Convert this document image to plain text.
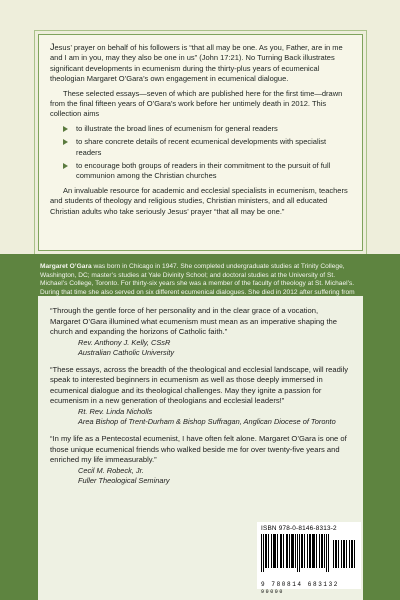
Jesus’ prayer on behalf of his followers is “that all may be one. As you, Father, are in me and I am in you, may they also be one in us” (John 17:21). No Turning Back illustrates significant developments in ecumenism during the thirty-plus years of ecumenical theologian Margaret O’Gara’s own engagement in ecumenical dialogue.

These selected essays—seven of which are published here for the first time—drawn from the final fifteen years of O’Gara’s work before her untimely death in 2012. This collection aims

to illustrate the broad lines of ecumenism for general readers
to share concrete details of recent ecumenical developments with specialist readers
to encourage both groups of readers in their commitment to the pursuit of full communion among the Christian churches

An invaluable resource for academic and ecclesial specialists in ecumenism, teachers and students of theology and religious studies, Christian ministers, and all educated Christian adults who take seriously Jesus’ prayer “that all may be one.”

Margaret O’Gara was born in Chicago in 1947. She completed undergraduate studies at Trinity College, Washington, DC; master’s studies at Yale Divinity School; and doctoral studies at the University of St. Michael’s College, Toronto. For thirty-six years she was a member of the faculty of theology at St. Michael’s. During that time she also served on six different ecumenical dialogues. She died in 2012 after suffering from

“Through the gentle force of her personality and in the clear grace of a vocation, Margaret O’Gara illumined what ecumenism must mean as an imperative shaping the church and expanding the horizons of Catholic faith.”

Rev. Anthony J. Kelly, CSsR
Australian Catholic University

“These essays, across the breadth of the theological and ecclesial landscape, will readily speak to interested beginners in ecumenism as well as those deeply immersed in ecumenical dialogue and its theological challenges. May they ignite a passion for ecumenism in a new generation of theologians and ecclesial leaders!”

Rt. Rev. Linda Nicholls
Area Bishop of Trent-Durham & Bishop Suffragan, Anglican Diocese of Toronto

“In my life as a Pentecostal ecumenist, I have often felt alone. Margaret O’Gara is one of those unique ecumenical friends who walked beside me for over twenty-five years and enriched my life immeasurably.”

Cecil M. Robeck, Jr.
Fuller Theological Seminary
ISBN 978-0-8146-8313-2
9 780814 683132 90000
